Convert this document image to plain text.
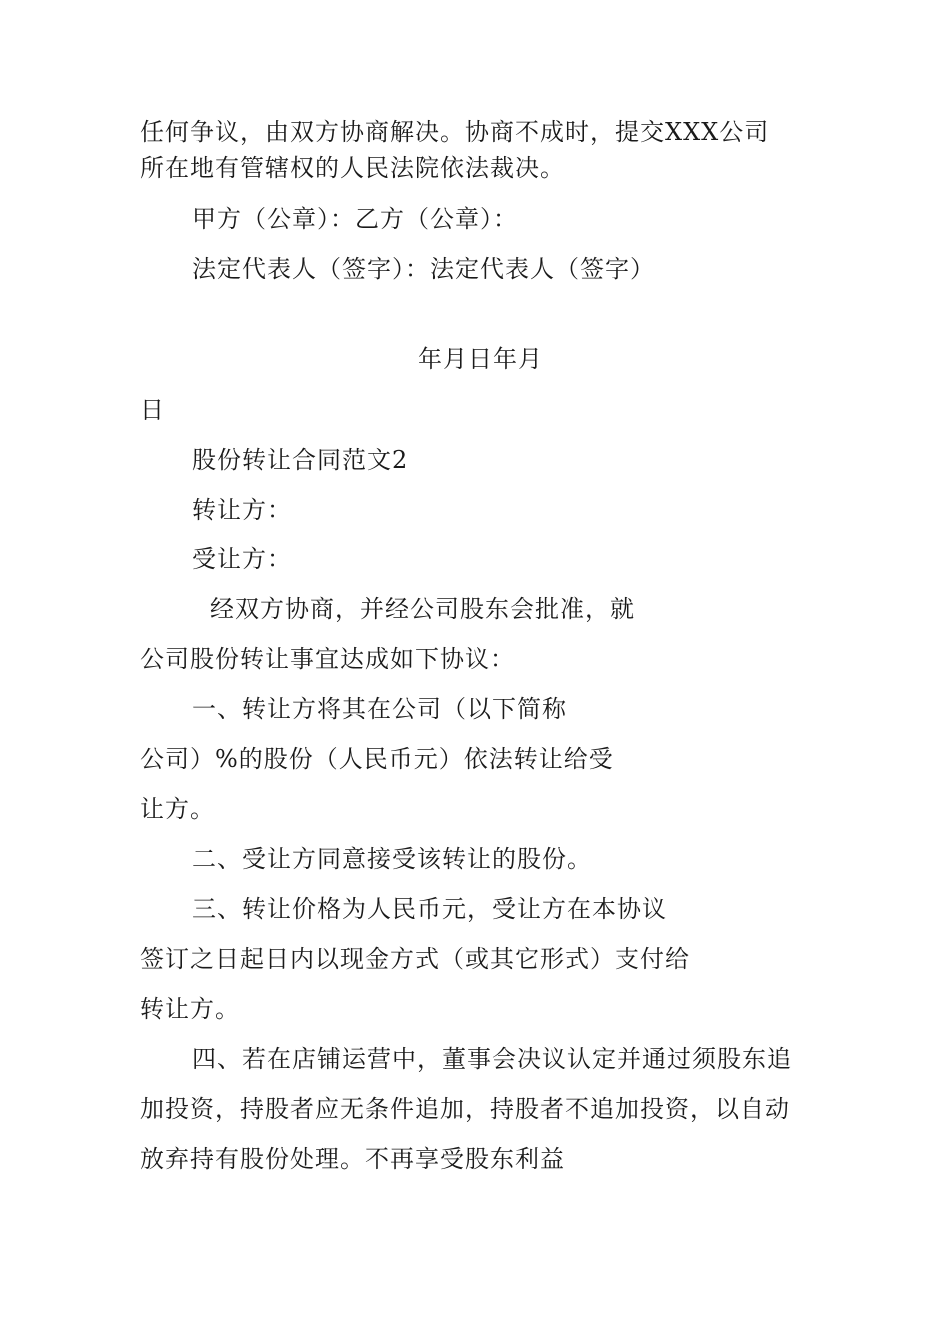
任何争议，由双方协商解决。协商不成时，提交XXX公司
所在地有管辖权的人民法院依法裁决。
甲方（公章）：乙方（公章）：
法定代表人（签字）：法定代表人（签字）
年月日年月
日
股份转让合同范文2
转让方：
受让方：
经双方协商，并经公司股东会批准，就
公司股份转让事宜达成如下协议：
一、转让方将其在公司（以下简称
公司）%的股份（人民币元）依法转让给受
让方。
二、受让方同意接受该转让的股份。
三、转让价格为人民币元，受让方在本协议
签订之日起日内以现金方式（或其它形式）支付给
转让方。
四、若在店铺运营中，董事会决议认定并通过须股东追
加投资，持股者应无条件追加，持股者不追加投资，以自动
放弃持有股份处理。不再享受股东利益
